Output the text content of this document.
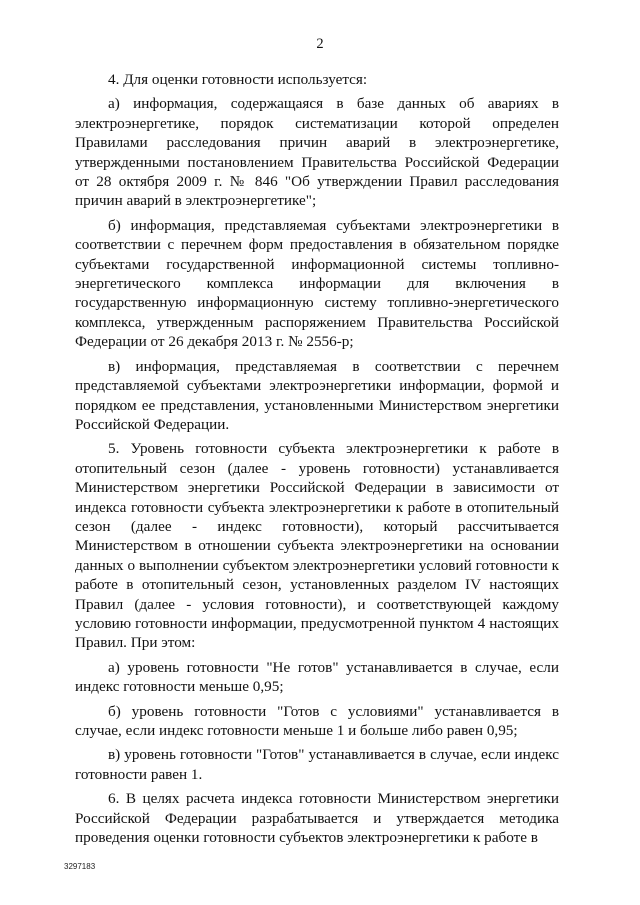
2

4. Для оценки готовности используется:

а) информация, содержащаяся в базе данных об авариях в электроэнергетике, порядок систематизации которой определен Правилами расследования причин аварий в электроэнергетике, утвержденными постановлением Правительства Российской Федерации от 28 октября 2009 г. № 846 "Об утверждении Правил расследования причин аварий в электроэнергетике";

б) информация, представляемая субъектами электроэнергетики в соответствии с перечнем форм предоставления в обязательном порядке субъектами государственной информационной системы топливно-энергетического комплекса информации для включения в государственную информационную систему топливно-энергетического комплекса, утвержденным распоряжением Правительства Российской Федерации от 26 декабря 2013 г. № 2556-р;

в) информация, представляемая в соответствии с перечнем представляемой субъектами электроэнергетики информации, формой и порядком ее представления, установленными Министерством энергетики Российской Федерации.

5. Уровень готовности субъекта электроэнергетики к работе в отопительный сезон (далее - уровень готовности) устанавливается Министерством энергетики Российской Федерации в зависимости от индекса готовности субъекта электроэнергетики к работе в отопительный сезон (далее - индекс готовности), который рассчитывается Министерством в отношении субъекта электроэнергетики на основании данных о выполнении субъектом электроэнергетики условий готовности к работе в отопительный сезон, установленных разделом IV настоящих Правил (далее - условия готовности), и соответствующей каждому условию готовности информации, предусмотренной пунктом 4 настоящих Правил. При этом:

а) уровень готовности "Не готов" устанавливается в случае, если индекс готовности меньше 0,95;

б) уровень готовности "Готов с условиями" устанавливается в случае, если индекс готовности меньше 1 и больше либо равен 0,95;

в) уровень готовности "Готов" устанавливается в случае, если индекс готовности равен 1.

6. В целях расчета индекса готовности Министерством энергетики Российской Федерации разрабатывается и утверждается методика проведения оценки готовности субъектов электроэнергетики к работе в

3297183
